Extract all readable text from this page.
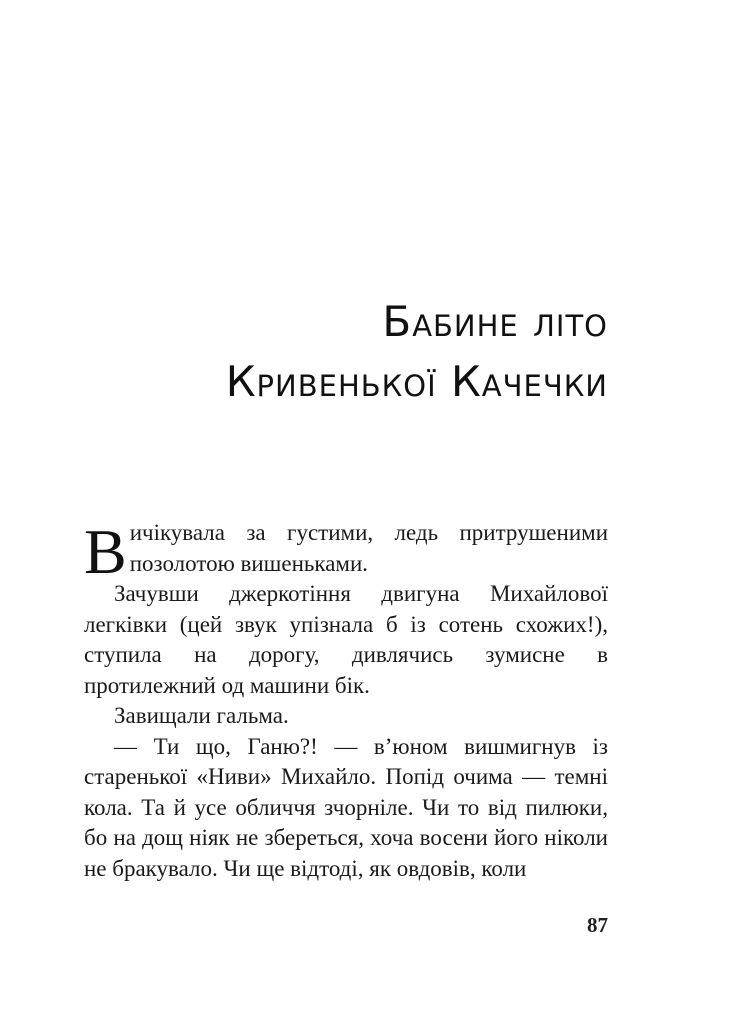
Бабине літо
Кривенької Качечки

Вичікувала за густими, ледь притрушеними позолотою вишеньками.

Зачувши джеркотіння двигуна Михайлової легківки (цей звук упізнала б із сотень схожих!), ступила на дорогу, дивлячись зумисне в протилежний од машини бік.

Завищали гальма.

— Ти що, Ганю?! — в’юном вишмигнув із старенької «Ниви» Михайло. Попід очима — темні кола. Та й усе обличчя зчорніле. Чи то від пилюки, бо на дощ ніяк не збереться, хоча восени його ніколи не бракувало. Чи ще відтоді, як овдовів, коли

87
